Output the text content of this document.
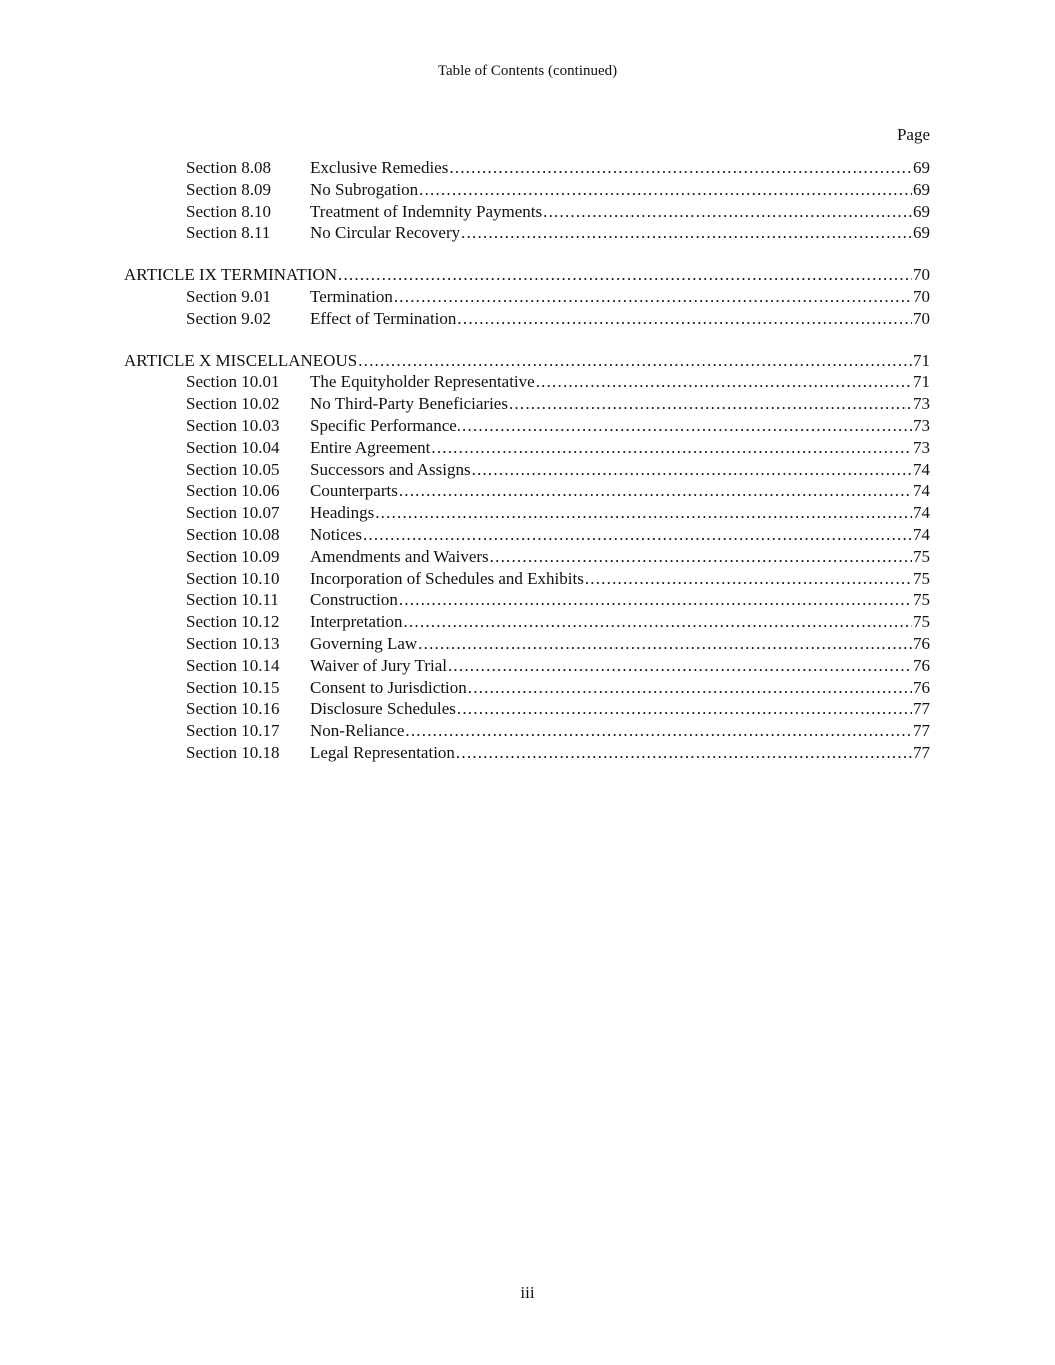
Table of Contents (continued)
Page
Section 8.08	Exclusive Remedies .....	69
Section 8.09	No Subrogation .....	69
Section 8.10	Treatment of Indemnity Payments .....	69
Section 8.11	No Circular Recovery .....	69
ARTICLE IX TERMINATION .....	70
Section 9.01	Termination .....	70
Section 9.02	Effect of Termination .....	70
ARTICLE X MISCELLANEOUS .....	71
Section 10.01	The Equityholder Representative .....	71
Section 10.02	No Third-Party Beneficiaries .....	73
Section 10.03	Specific Performance. .....	73
Section 10.04	Entire Agreement .....	73
Section 10.05	Successors and Assigns .....	74
Section 10.06	Counterparts .....	74
Section 10.07	Headings .....	74
Section 10.08	Notices .....	74
Section 10.09	Amendments and Waivers .....	75
Section 10.10	Incorporation of Schedules and Exhibits .....	75
Section 10.11	Construction .....	75
Section 10.12	Interpretation .....	75
Section 10.13	Governing Law .....	76
Section 10.14	Waiver of Jury Trial .....	76
Section 10.15	Consent to Jurisdiction .....	76
Section 10.16	Disclosure Schedules .....	77
Section 10.17	Non-Reliance .....	77
Section 10.18	Legal Representation .....	77
iii
